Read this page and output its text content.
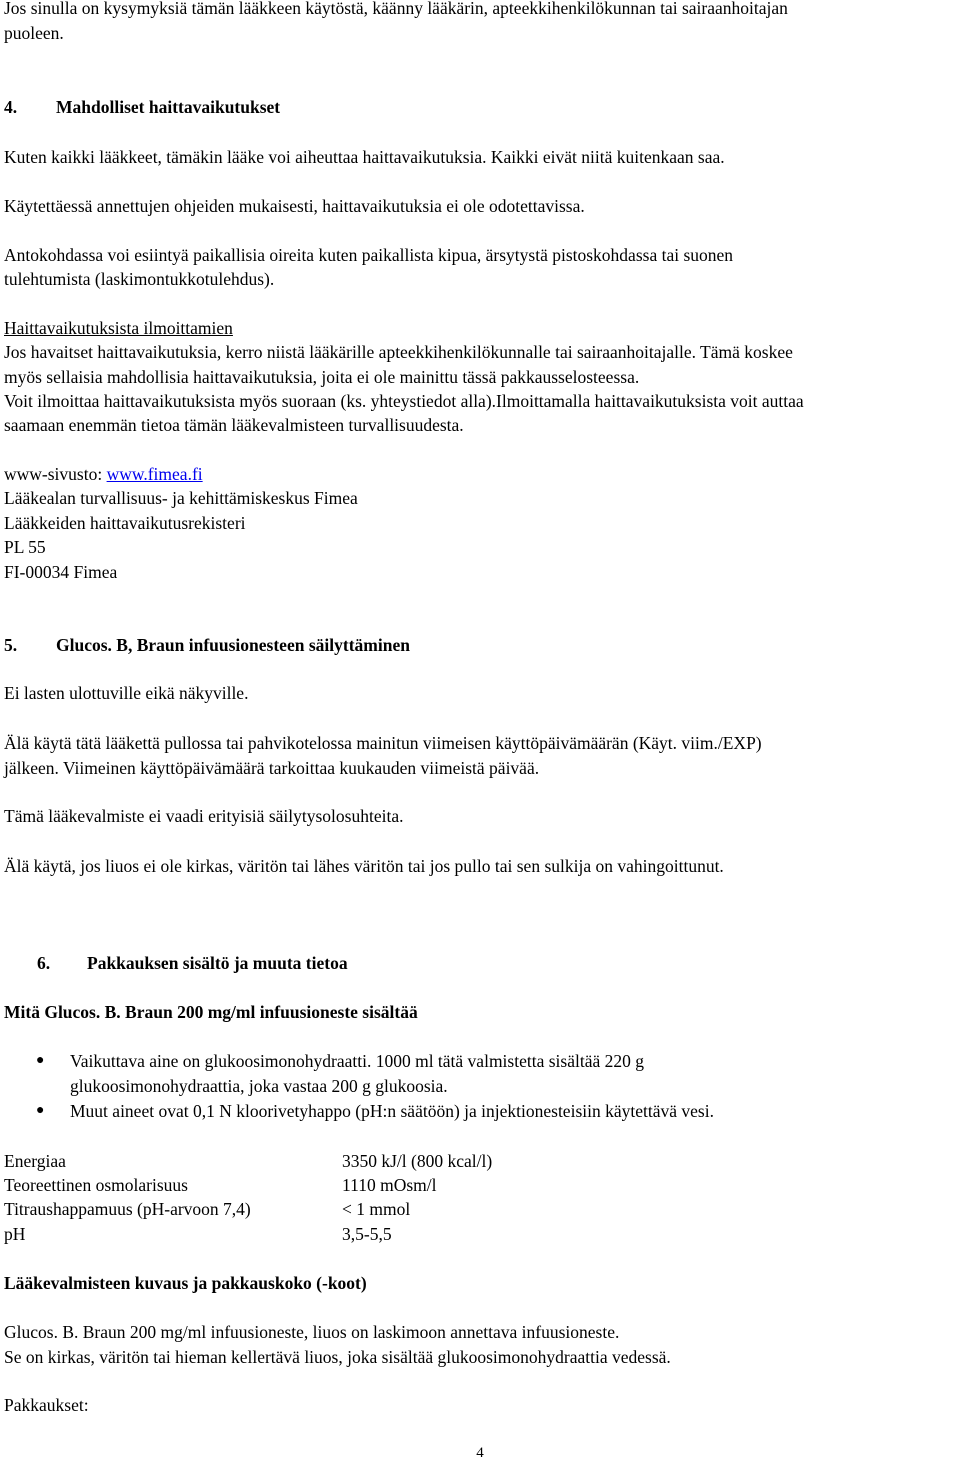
Jos sinulla on kysymyksiä tämän lääkkeen käytöstä, käänny lääkärin, apteekkihenkilökunnan tai sairaanhoitajan
puoleen.
4. Mahdolliset haittavaikutukset
Kuten kaikki lääkkeet, tämäkin lääke voi aiheuttaa haittavaikutuksia. Kaikki eivät niitä kuitenkaan saa.
Käytettäessä annettujen ohjeiden mukaisesti, haittavaikutuksia ei ole odotettavissa.
Antokohdassa voi esiintyä paikallisia oireita kuten paikallista kipua, ärsytystä pistoskohdassa tai suonen
tulehtumista (laskimontukkotulehdus).
Haittavaikutuksista ilmoittamien
Jos havaitset haittavaikutuksia, kerro niistä lääkärille apteekkihenkilökunnalle tai sairaanhoitajalle. Tämä koskee
myös sellaisia mahdollisia haittavaikutuksia, joita ei ole mainittu tässä pakkausselosteessa.
Voit ilmoittaa haittavaikutuksista myös suoraan (ks. yhteystiedot alla).Ilmoittamalla haittavaikutuksista voit auttaa
saamaan enemmän tietoa tämän lääkevalmisteen turvallisuudesta.
www-sivusto: www.fimea.fi
Lääkealan turvallisuus- ja kehittämiskeskus Fimea
Lääkkeiden haittavaikutusrekisteri
PL 55
FI-00034 Fimea
5. Glucos. B, Braun infuusionesteen säilyttäminen
Ei lasten ulottuville eikä näkyville.
Älä käytä tätä lääkettä pullossa tai pahvikotelossa mainitun viimeisen käyttöpäivämäärän (Käyt. viim./EXP)
jälkeen. Viimeinen käyttöpäivämäärä tarkoittaa kuukauden viimeistä päivää.
Tämä lääkevalmiste ei vaadi erityisiä säilytysolosuhteita.
Älä käytä, jos liuos ei ole kirkas, väritön tai lähes väritön tai jos pullo tai sen sulkija on vahingoittunut.
6. Pakkauksen sisältö ja muuta tietoa
Mitä Glucos. B. Braun 200 mg/ml infuusioneste sisältää
● Vaikuttava aine on glukoosimonohydraatti. 1000 ml tätä valmistetta sisältää 220 g
glukoosimonohydraattia, joka vastaa 200 g glukoosia.
● Muut aineet ovat 0,1 N kloorivetyhappo (pH:n säätöön) ja injektionesteisiin käytettävä vesi.
Energiaa	3350 kJ/l (800 kcal/l)
Teoreettinen osmolarisuus	1110 mOsm/l
Titraushappamuus (pH-arvoon 7,4)	< 1 mmol
pH	3,5-5,5
Lääkevalmisteen kuvaus ja pakkauskoko (-koot)
Glucos. B. Braun 200 mg/ml infuusioneste, liuos on laskimoon annettava infuusioneste.
Se on kirkas, väritön tai hieman kellertävä liuos, joka sisältää glukoosimonohydraattia vedessä.
Pakkaukset:
4
